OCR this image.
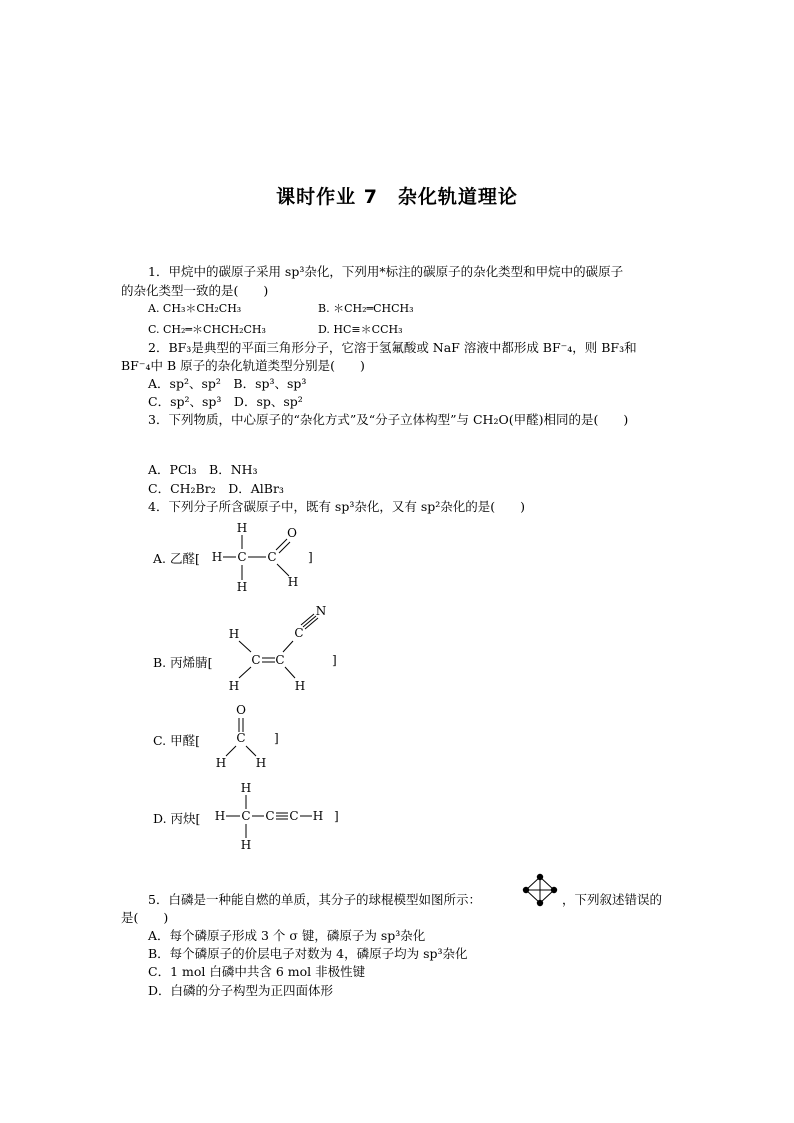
课时作业 7　杂化轨道理论
1．甲烷中的碳原子采用 sp³杂化，下列用*标注的碳原子的杂化类型和甲烷中的碳原子
的杂化类型一致的是(　　)
A. CH₃＊CH₂CH₃	B. ＊CH₂═CHCH₃
C. CH₂═＊CHCH₂CH₃	D. HC≡＊CCH₃
2．BF₃是典型的平面三角形分子，它溶于氢氟酸或 NaF 溶液中都形成 BF⁻₄，则 BF₃和
BF⁻₄中 B 原子的杂化轨道类型分别是(　　)
A．sp²、sp²　B．sp³、sp³
C．sp²、sp³　D．sp、sp²
3．下列物质，中心原子的“杂化方式”及“分子立体构型”与 CH₂O(甲醛)相同的是(　　)
A．PCl₃　B．NH₃
C．CH₂Br₂　D．AlBr₃
4．下列分子所含碳原子中，既有 sp³杂化，又有 sp²杂化的是(　　)
A. 乙醛[
H
H C C
H
O
H
]
B. 丙烯腈[
N
C
H
C C
H	H
]
C. 甲醛[
O
C
H H
]
D. 丙炔[
H
H C C C H
H
]
5．白磷是一种能自燃的单质，其分子的球棍模型如图所示：	，下列叙述错误的
是(　　)
A．每个磷原子形成 3 个 σ 键，磷原子为 sp³杂化
B．每个磷原子的价层电子对数为 4，磷原子均为 sp³杂化
C．1 mol 白磷中共含 6 mol 非极性键
D．白磷的分子构型为正四面体形
